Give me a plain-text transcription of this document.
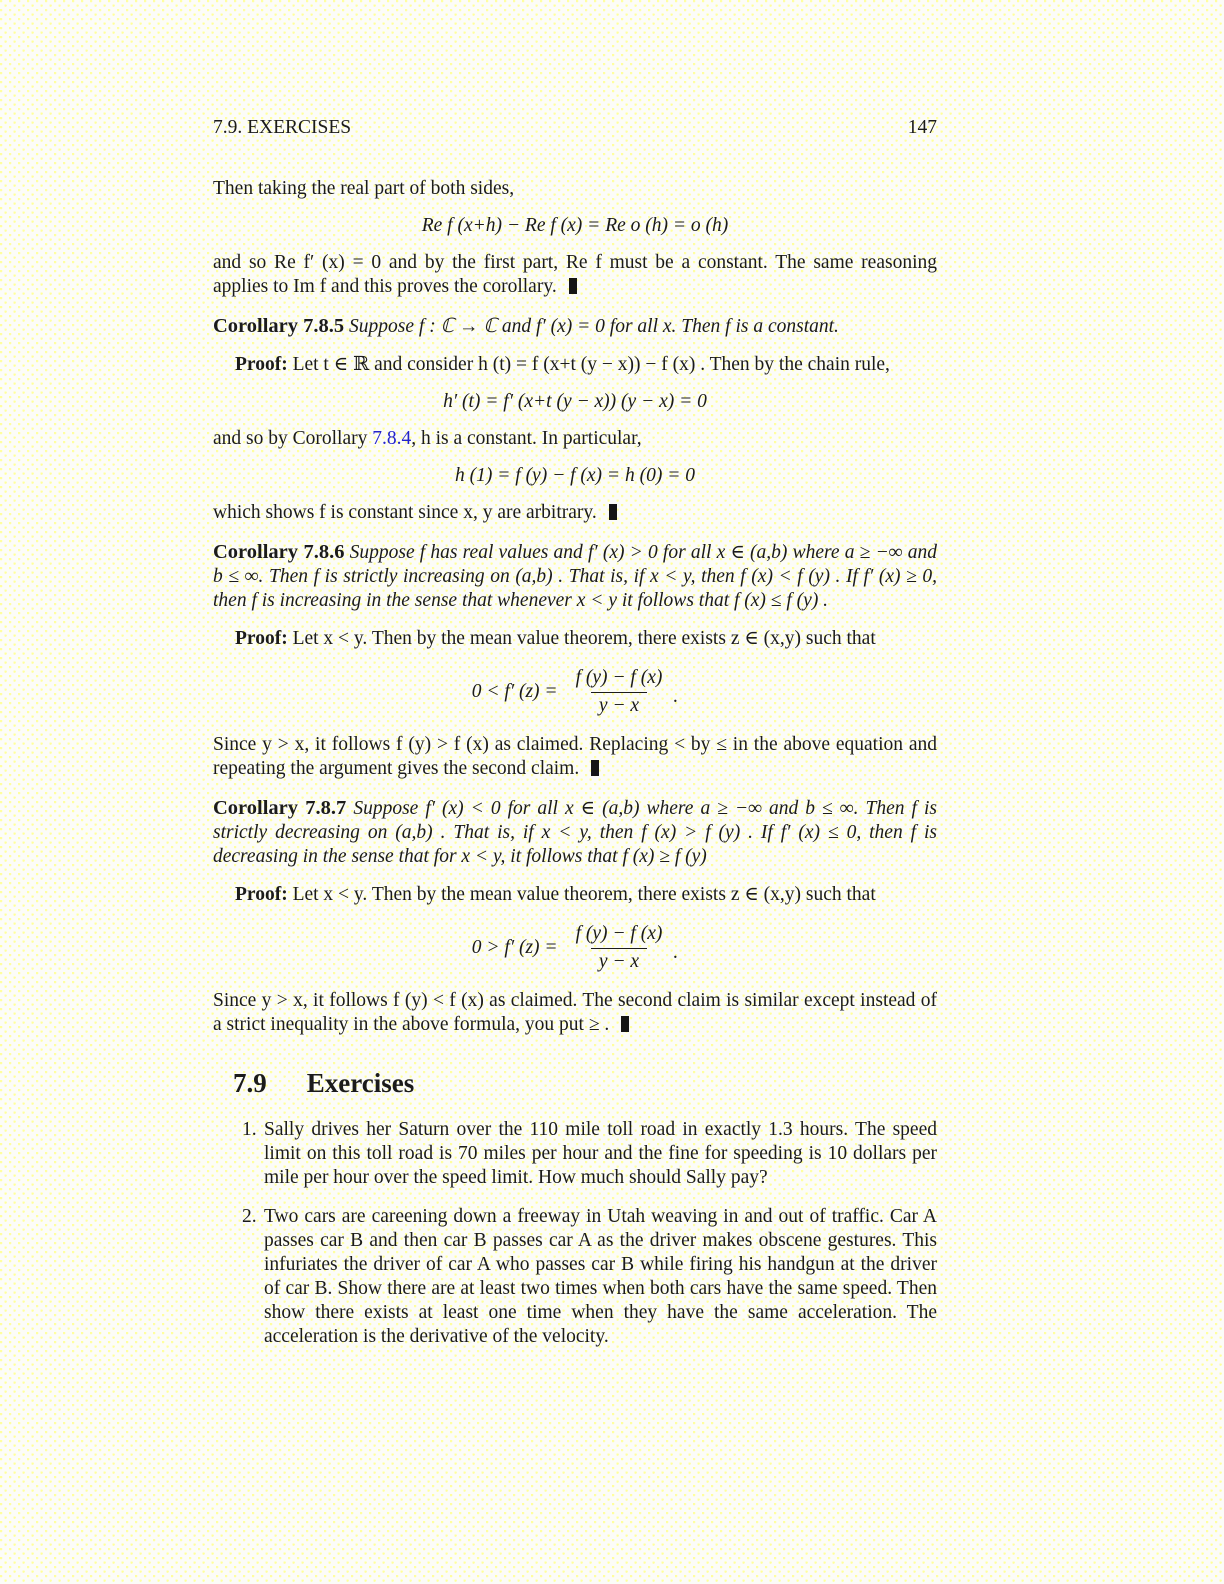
7.9. EXERCISES	147

Then taking the real part of both sides,

Re f (x+h) − Re f (x) = Re o (h) = o (h)

and so Re f′ (x) = 0 and by the first part, Re f must be a constant. The same reasoning applies to Im f and this proves the corollary.

Corollary 7.8.5 Suppose f : ℂ → ℂ and f′ (x) = 0 for all x. Then f is a constant.

Proof: Let t ∈ ℝ and consider h (t) = f (x+t (y − x)) − f (x) . Then by the chain rule,

h′ (t) = f′ (x+t (y − x)) (y − x) = 0

and so by Corollary 7.8.4, h is a constant. In particular,

h (1) = f (y) − f (x) = h (0) = 0

which shows f is constant since x, y are arbitrary.

Corollary 7.8.6 Suppose f has real values and f′ (x) > 0 for all x ∈ (a,b) where a ≥ −∞ and b ≤ ∞. Then f is strictly increasing on (a,b) . That is, if x < y, then f (x) < f (y) . If f′ (x) ≥ 0, then f is increasing in the sense that whenever x < y it follows that f (x) ≤ f (y) .

Proof: Let x < y. Then by the mean value theorem, there exists z ∈ (x,y) such that

0 < f′ $(z) = \frac{f (y) - f (x)}{y - x}$ .

Since y > x, it follows f (y) > f (x) as claimed. Replacing < by ≤ in the above equation and repeating the argument gives the second claim.

Corollary 7.8.7 Suppose f′ (x) < 0 for all x ∈ (a,b) where a ≥ −∞ and b ≤ ∞. Then f is strictly decreasing on (a,b) . That is, if x < y, then f (x) > f (y) . If f′ (x) ≤ 0, then f is decreasing in the sense that for x < y, it follows that f (x) ≥ f (y)

Proof: Let x < y. Then by the mean value theorem, there exists z ∈ (x,y) such that

0 > f′ $(z) = \frac{f (y) - f (x)}{y - x}$ .

Since y > x, it follows f (y) < f (x) as claimed. The second claim is similar except instead of a strict inequality in the above formula, you put ≥ .

7.9 Exercises
1. Sally drives her Saturn over the 110 mile toll road in exactly 1.3 hours. The speed limit on this toll road is 70 miles per hour and the fine for speeding is 10 dollars per mile per hour over the speed limit. How much should Sally pay?
2. Two cars are careening down a freeway in Utah weaving in and out of traffic. Car A passes car B and then car B passes car A as the driver makes obscene gestures. This infuriates the driver of car A who passes car B while firing his handgun at the driver of car B. Show there are at least two times when both cars have the same speed. Then show there exists at least one time when they have the same acceleration. The acceleration is the derivative of the velocity.
